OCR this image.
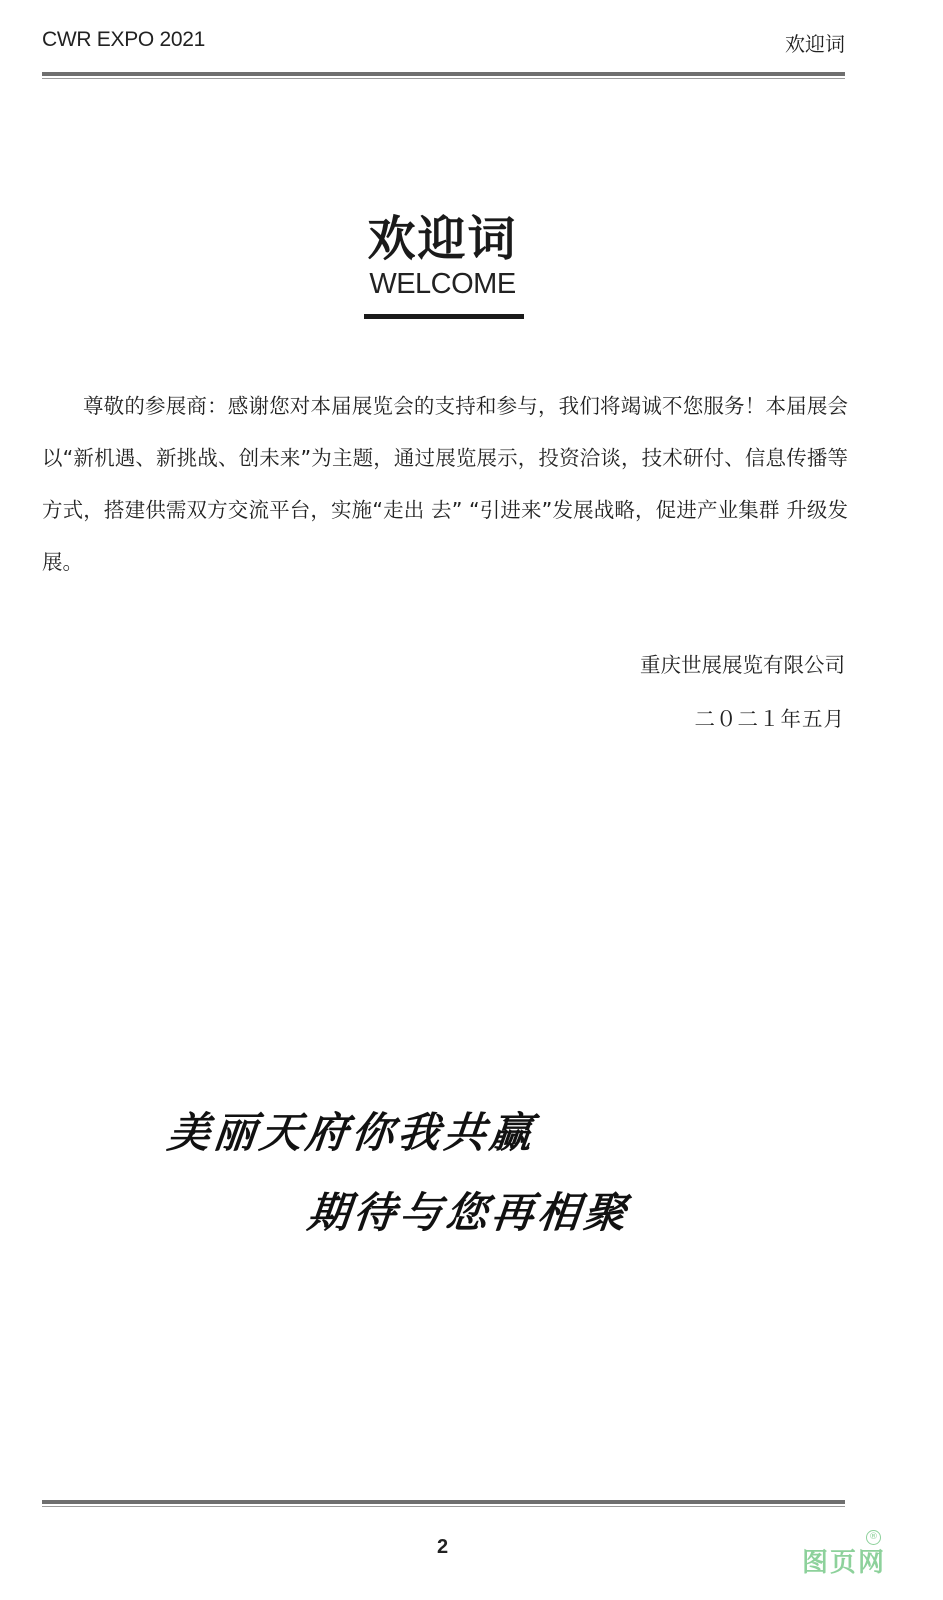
CWR EXPO 2021	欢迎词
欢迎词
WELCOME

尊敬的参展商：感谢您对本届展览会的支持和参与，我们将竭诚不您服务！本届展会以“新机遇、新挑战、创未来”为主题，通过展览展示，投资洽谈，技术研付、信息传播等方式，搭建供需双方交流平台，实施“走出 去” “引进来”发展战略，促进产业集群 升级发展。

重庆世展展览有限公司
二０二１年五月
美丽天府你我共赢
期待与您再相聚
2
图页网
®
